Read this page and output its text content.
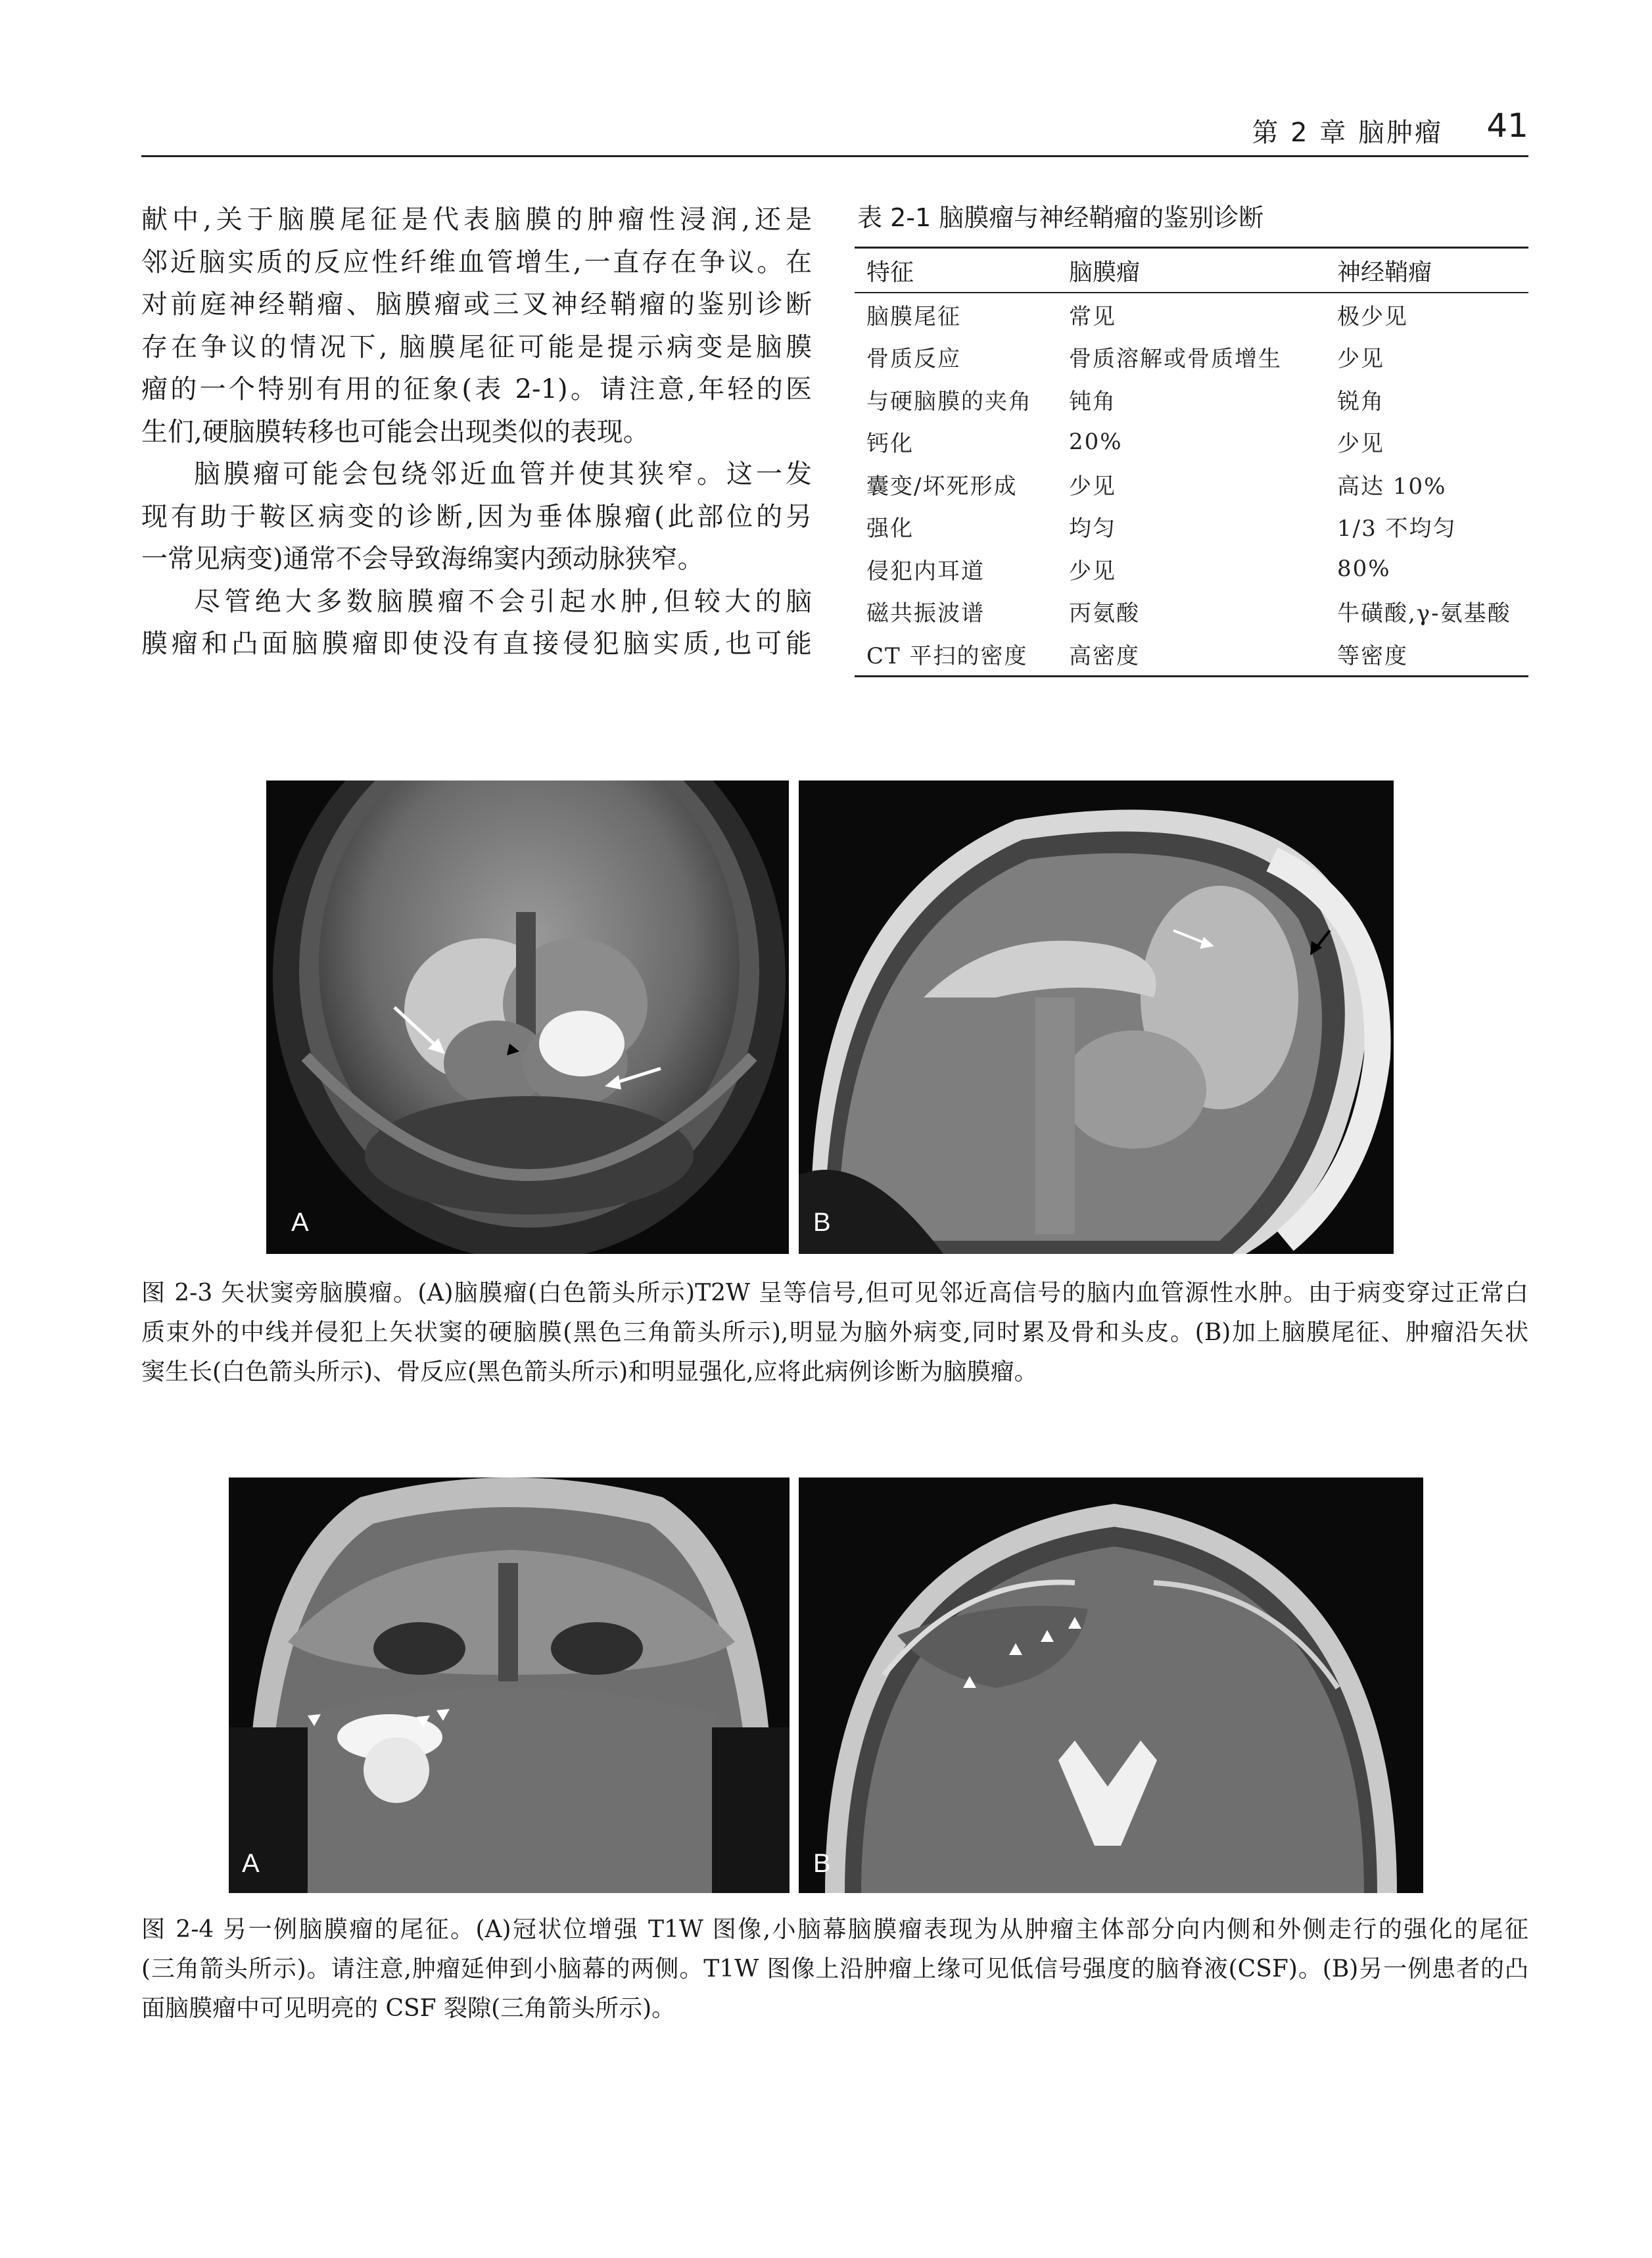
第 2 章 脑肿瘤 41
献中,关于脑膜尾征是代表脑膜的肿瘤性浸润,还是
邻近脑实质的反应性纤维血管增生,一直存在争议。在
对前庭神经鞘瘤、脑膜瘤或三叉神经鞘瘤的鉴别诊断
存在争议的情况下, 脑膜尾征可能是提示病变是脑膜
瘤的一个特别有用的征象(表 2-1)。请注意,年轻的医
生们,硬脑膜转移也可能会出现类似的表现。
脑膜瘤可能会包绕邻近血管并使其狭窄。这一发
现有助于鞍区病变的诊断,因为垂体腺瘤(此部位的另
一常见病变)通常不会导致海绵窦内颈动脉狭窄。
尽管绝大多数脑膜瘤不会引起水肿,但较大的脑
膜瘤和凸面脑膜瘤即使没有直接侵犯脑实质,也可能
表 2-1 脑膜瘤与神经鞘瘤的鉴别诊断
特征	脑膜瘤	神经鞘瘤
脑膜尾征	常见	极少见
骨质反应	骨质溶解或骨质增生	少见
与硬脑膜的夹角	钝角	锐角
钙化	20%	少见
囊变/坏死形成	少见	高达 10%
强化	均匀	1/3 不均匀
侵犯内耳道	少见	80%
磁共振波谱	丙氨酸	牛磺酸,γ-氨基酸
CT 平扫的密度	高密度	等密度
A	B
图 2-3 矢状窦旁脑膜瘤。(A)脑膜瘤(白色箭头所示)T2W 呈等信号,但可见邻近高信号的脑内血管源性水肿。由于病变穿过正常白
质束外的中线并侵犯上矢状窦的硬脑膜(黑色三角箭头所示),明显为脑外病变,同时累及骨和头皮。(B)加上脑膜尾征、肿瘤沿矢状
窦生长(白色箭头所示)、骨反应(黑色箭头所示)和明显强化,应将此病例诊断为脑膜瘤。
A	B
图 2-4 另一例脑膜瘤的尾征。(A)冠状位增强 T1W 图像,小脑幕脑膜瘤表现为从肿瘤主体部分向内侧和外侧走行的强化的尾征
(三角箭头所示)。请注意,肿瘤延伸到小脑幕的两侧。T1W 图像上沿肿瘤上缘可见低信号强度的脑脊液(CSF)。(B)另一例患者的凸
面脑膜瘤中可见明亮的 CSF 裂隙(三角箭头所示)。
